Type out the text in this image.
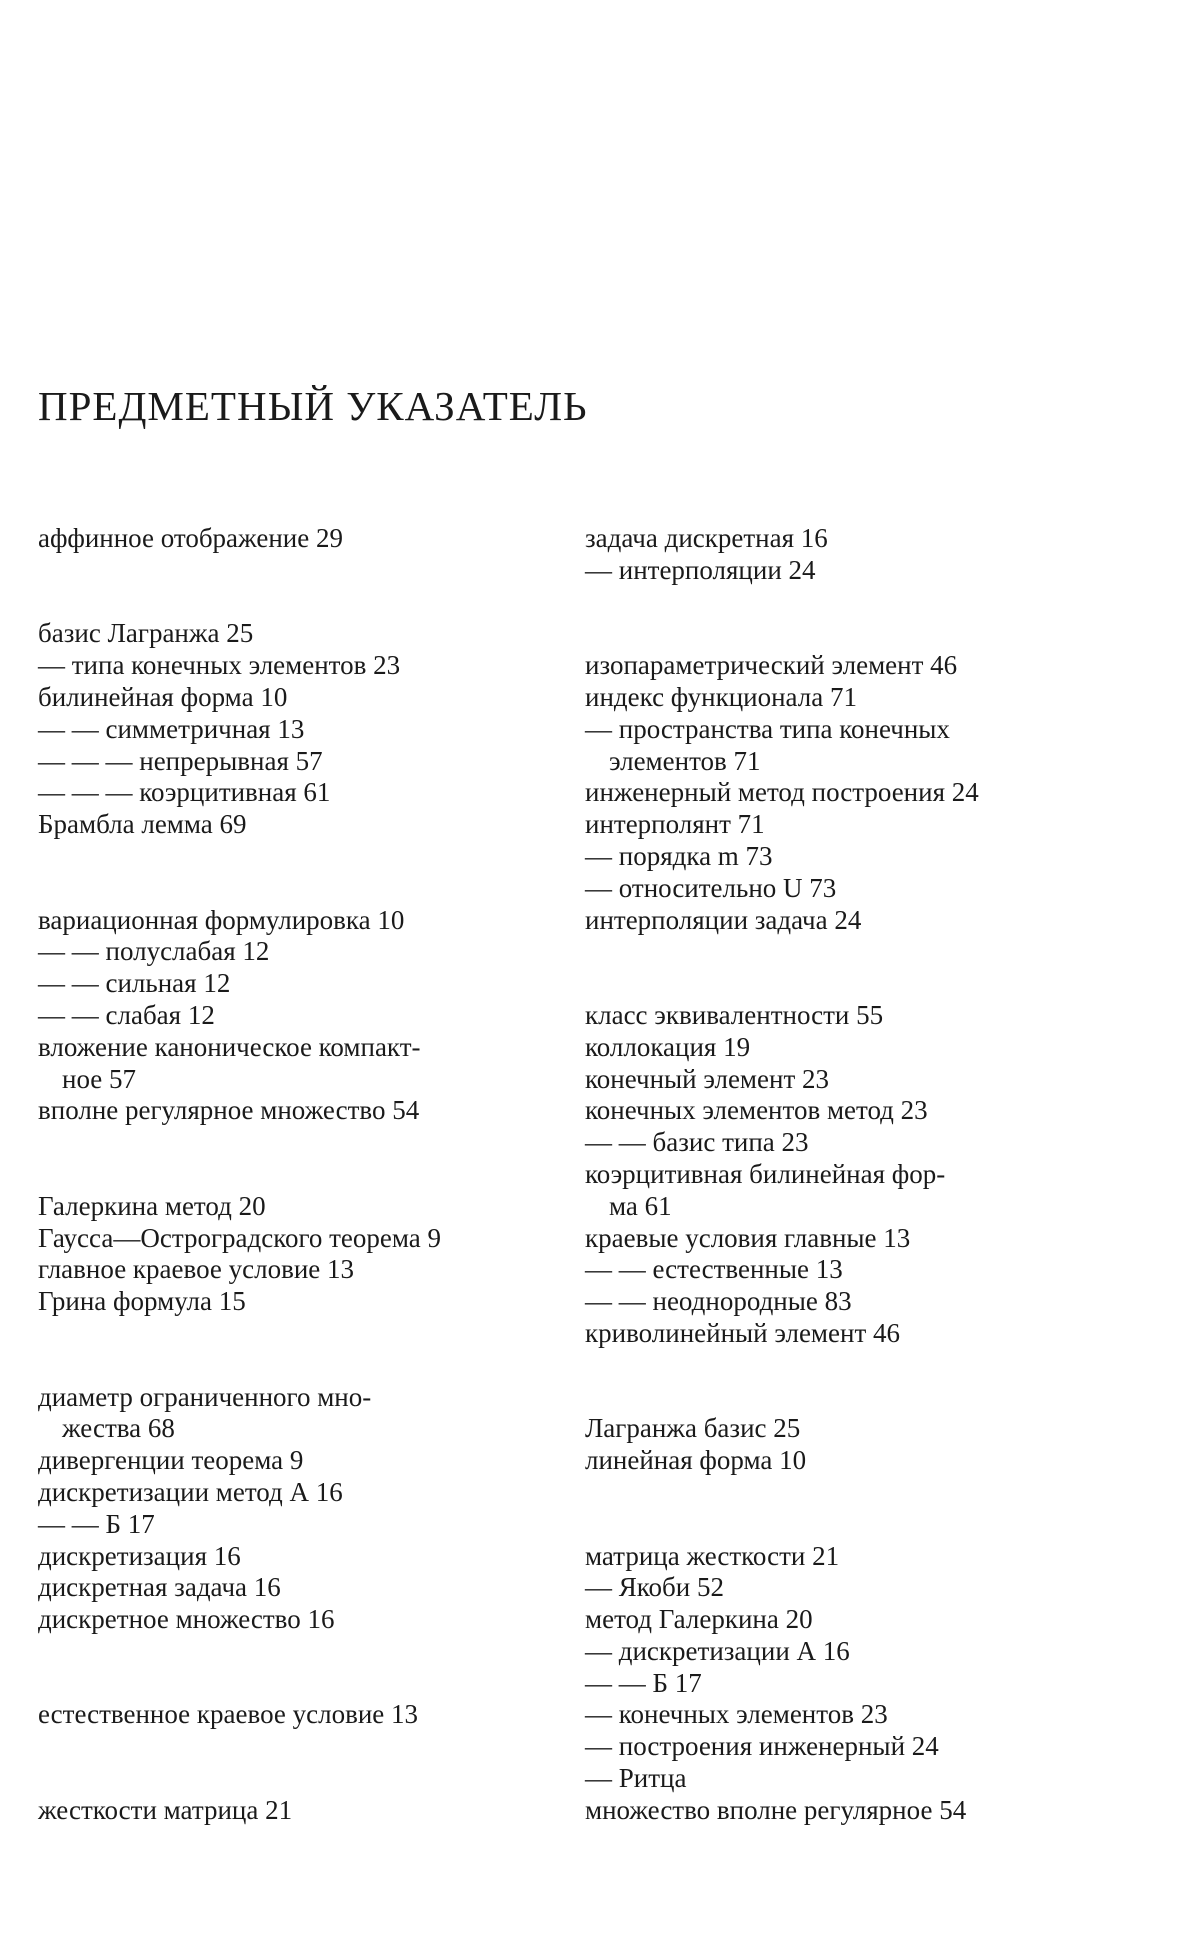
ПРЕДМЕТНЫЙ УКАЗАТЕЛЬ
аффинное отображение 29
базис Лагранжа 25
— типа конечных элементов 23
билинейная форма 10
— — симметричная 13
— — — непрерывная 57
— — — коэрцитивная 61
Брамбла лемма 69
вариационная формулировка 10
— — полуслабая 12
— — сильная 12
— — слабая 12
вложение каноническое компакт-
ное 57
вполне регулярное множество 54
Галеркина метод 20
Гаусса—Остроградского теорема 9
главное краевое условие 13
Грина формула 15
диаметр ограниченного мно-
жества 68
дивергенции теорема 9
дискретизации метод А 16
— — Б 17
дискретизация 16
дискретная задача 16
дискретное множество 16
естественное краевое условие 13
жесткости матрица 21
задача дискретная 16
— интерполяции 24
изопараметрический элемент 46
индекс функционала 71
— пространства типа конечных
элементов 71
инженерный метод построения 24
интерполянт 71
— порядка m 73
— относительно U 73
интерполяции задача 24
класс эквивалентности 55
коллокация 19
конечный элемент 23
конечных элементов метод 23
— — базис типа 23
коэрцитивная билинейная фор-
ма 61
краевые условия главные 13
— — естественные 13
— — неоднородные 83
криволинейный элемент 46
Лагранжа базис 25
линейная форма 10
матрица жесткости 21
— Якоби 52
метод Галеркина 20
— дискретизации А 16
— — Б 17
— конечных элементов 23
— построения инженерный 24
— Ритца
множество вполне регулярное 54
